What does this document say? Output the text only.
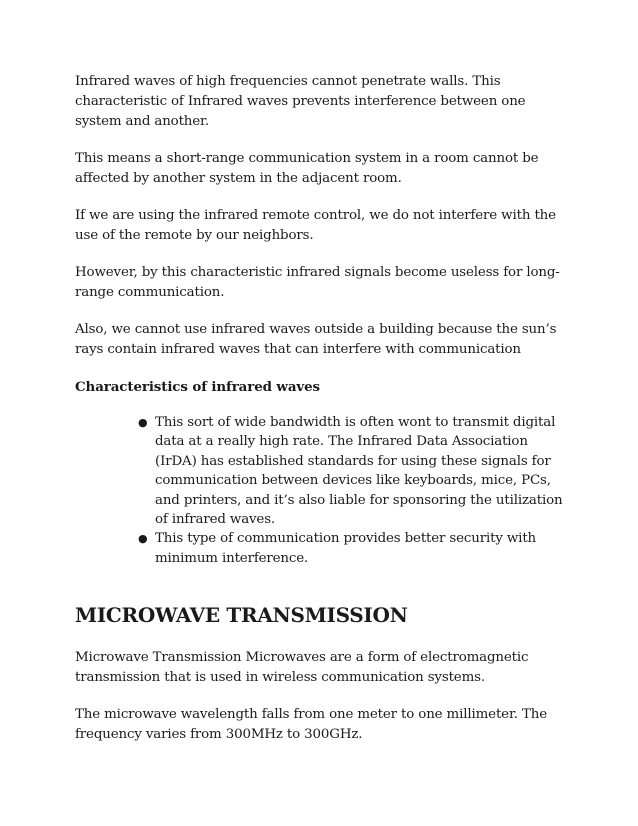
Infrared waves of high frequencies cannot penetrate walls. This characteristic of Infrared waves prevents interference between one system and another.

This means a short-range communication system in a room cannot be affected by another system in the adjacent room.

If we are using the infrared remote control, we do not interfere with the use of the remote by our neighbors.

However, by this characteristic infrared signals become useless for long-range communication.

Also, we cannot use infrared waves outside a building because the sun’s rays contain infrared waves that can interfere with communication

Characteristics of infrared waves
● This sort of wide bandwidth is often wont to transmit digital data at a really high rate. The Infrared Data Association (IrDA) has established standards for using these signals for communication between devices like keyboards, mice, PCs, and printers, and it’s also liable for sponsoring the utilization of infrared waves.
● This type of communication provides better security with minimum interference.
MICROWAVE TRANSMISSION

Microwave Transmission Microwaves are a form of electromagnetic transmission that is used in wireless communication systems.

The microwave wavelength falls from one meter to one millimeter. The frequency varies from 300MHz to 300GHz.
